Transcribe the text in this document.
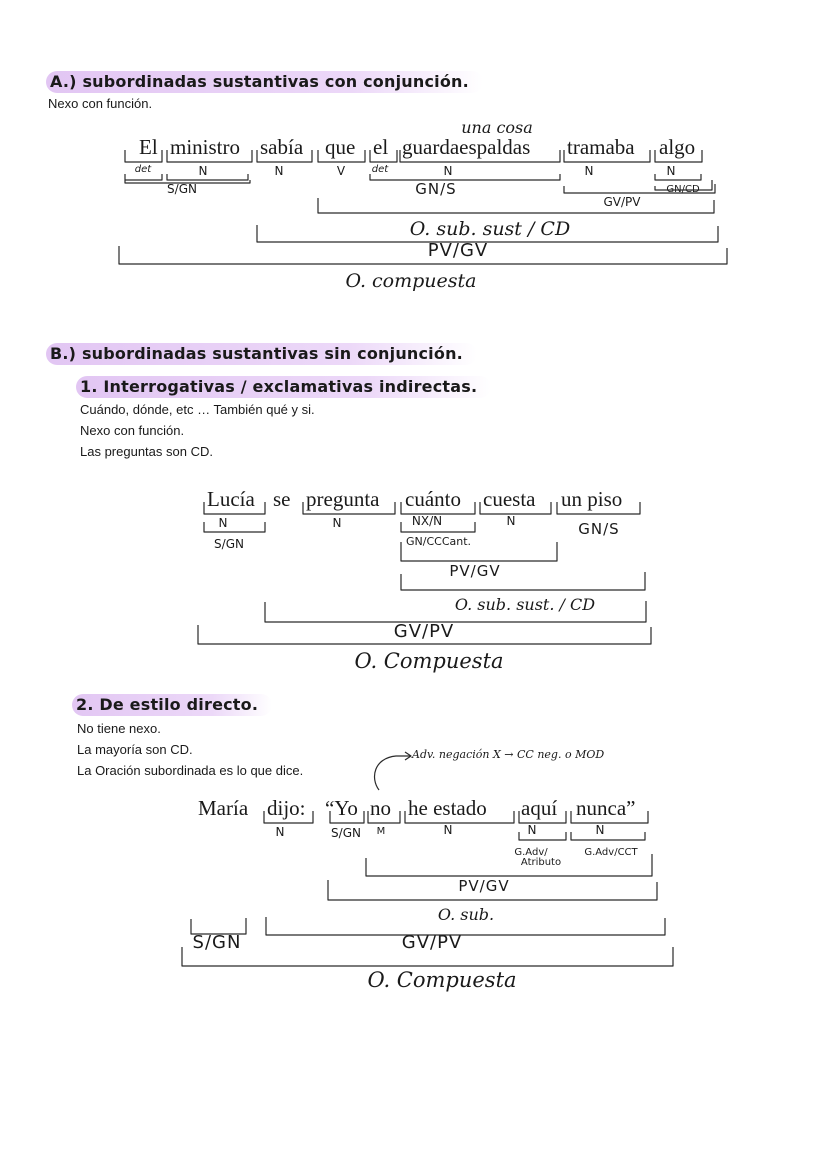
A.) subordinadas sustantivas con conjunción.
Nexo con función.
una cosa
El ministro sabía que el guardaespaldas tramaba algo
det	N	N	V	det	N	N	N
S/GN	GN/S	GN/CD
GV/PV
O. sub. sust / CD
PV/GV
O. compuesta
B.) subordinadas sustantivas sin conjunción.
1. Interrogativas / exclamativas indirectas.
Cuándo, dónde, etc … También qué y si.
Nexo con función.
Las preguntas son CD.
Lucía se pregunta cuánto cuesta un piso
N
S/GN
N	NX/N	N	GN/S
GN/CCCant.
PV/GV
O. sub. sust. / CD
GV/PV
O. Compuesta
2. De estilo directo.
No tiene nexo.
La mayoría son CD.
La Oración subordinada es lo que dice.
Adv. negación X → CC neg. o MOD
María dijo: “Yo no he estado aquí nunca”
N	S/GN M	N	N	N
G.Adv/
Atributo
G.Adv/CCT
PV/GV
O. sub.
S/GN	GV/PV
O. Compuesta
